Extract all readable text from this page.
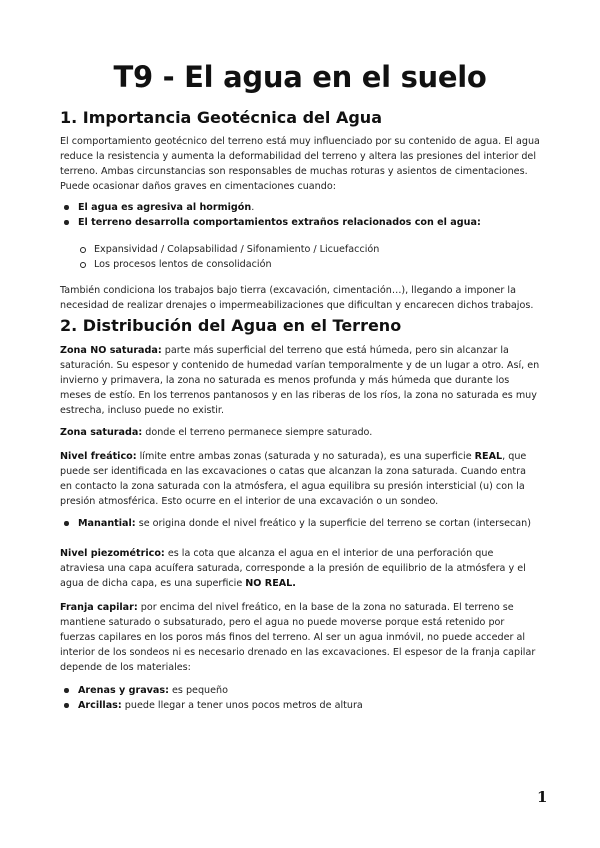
T9 - El agua en el suelo
1. Importancia Geotécnica del Agua

El comportamiento geotécnico del terreno está muy influenciado por su contenido de agua. El agua reduce la resistencia y aumenta la deformabilidad del terreno y altera las presiones del interior del terreno. Ambas circunstancias son responsables de muchas roturas y asientos de cimentaciones. Puede ocasionar daños graves en cimentaciones cuando:

El agua es agresiva al hormigón.
El terreno desarrolla comportamientos extraños relacionados con el agua:
Expansividad / Colapsabilidad / Sifonamiento / Licuefacción
Los procesos lentos de consolidación

También condiciona los trabajos bajo tierra (excavación, cimentación…), llegando a imponer la necesidad de realizar drenajes o impermeabilizaciones que dificultan y encarecen dichos trabajos.

2. Distribución del Agua en el Terreno

Zona NO saturada: parte más superficial del terreno que está húmeda, pero sin alcanzar la saturación. Su espesor y contenido de humedad varían temporalmente y de un lugar a otro. Así, en invierno y primavera, la zona no saturada es menos profunda y más húmeda que durante los meses de estío. En los terrenos pantanosos y en las riberas de los ríos, la zona no saturada es muy estrecha, incluso puede no existir.

Zona saturada: donde el terreno permanece siempre saturado.

Nivel freático: límite entre ambas zonas (saturada y no saturada), es una superficie REAL, que puede ser identificada en las excavaciones o catas que alcanzan la zona saturada. Cuando entra en contacto la zona saturada con la atmósfera, el agua equilibra su presión intersticial (u) con la presión atmosférica. Esto ocurre en el interior de una excavación o un sondeo.

Manantial: se origina donde el nivel freático y la superficie del terreno se cortan (intersecan)

Nivel piezométrico: es la cota que alcanza el agua en el interior de una perforación que atraviesa una capa acuífera saturada, corresponde a la presión de equilibrio de la atmósfera y el agua de dicha capa, es una superficie NO REAL.

Franja capilar: por encima del nivel freático, en la base de la zona no saturada. El terreno se mantiene saturado o subsaturado, pero el agua no puede moverse porque está retenido por fuerzas capilares en los poros más finos del terreno. Al ser un agua inmóvil, no puede acceder al interior de los sondeos ni es necesario drenado en las excavaciones. El espesor de la franja capilar depende de los materiales:

Arenas y gravas: es pequeño
Arcillas: puede llegar a tener unos pocos metros de altura
1
